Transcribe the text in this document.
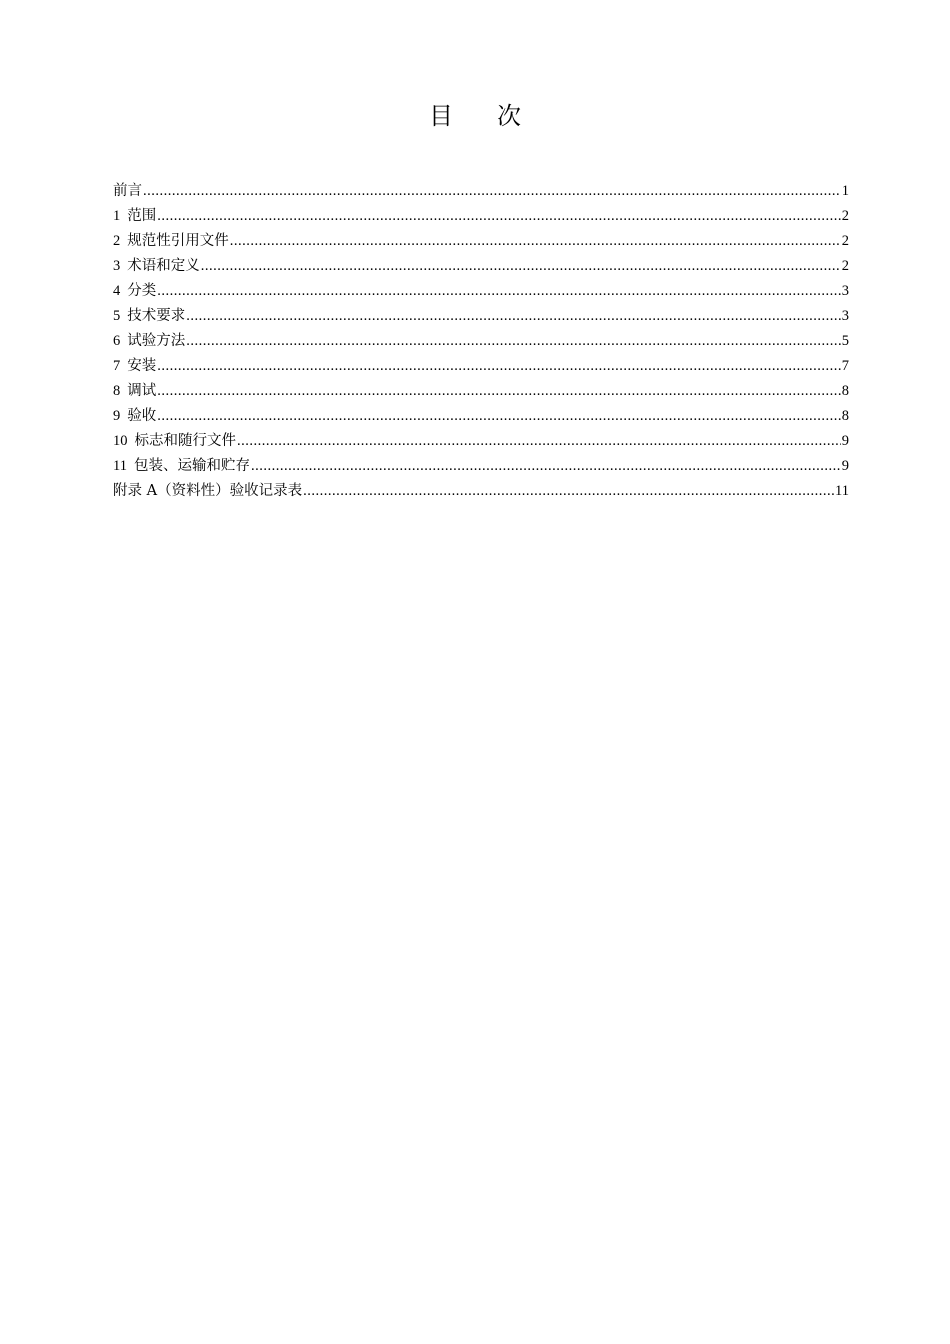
目 次
前言 .....	1
1 范围 .....	2
2 规范性引用文件 .....	2
3 术语和定义 .....	2
4 分类 .....	3
5 技术要求 .....	3
6 试验方法 .....	5
7 安装 .....	7
8 调试 .....	8
9 验收 .....	8
10 标志和随行文件 .....	9
11 包装、运输和贮存 .....	9
附录 A（资料性）验收记录表 .....	11
